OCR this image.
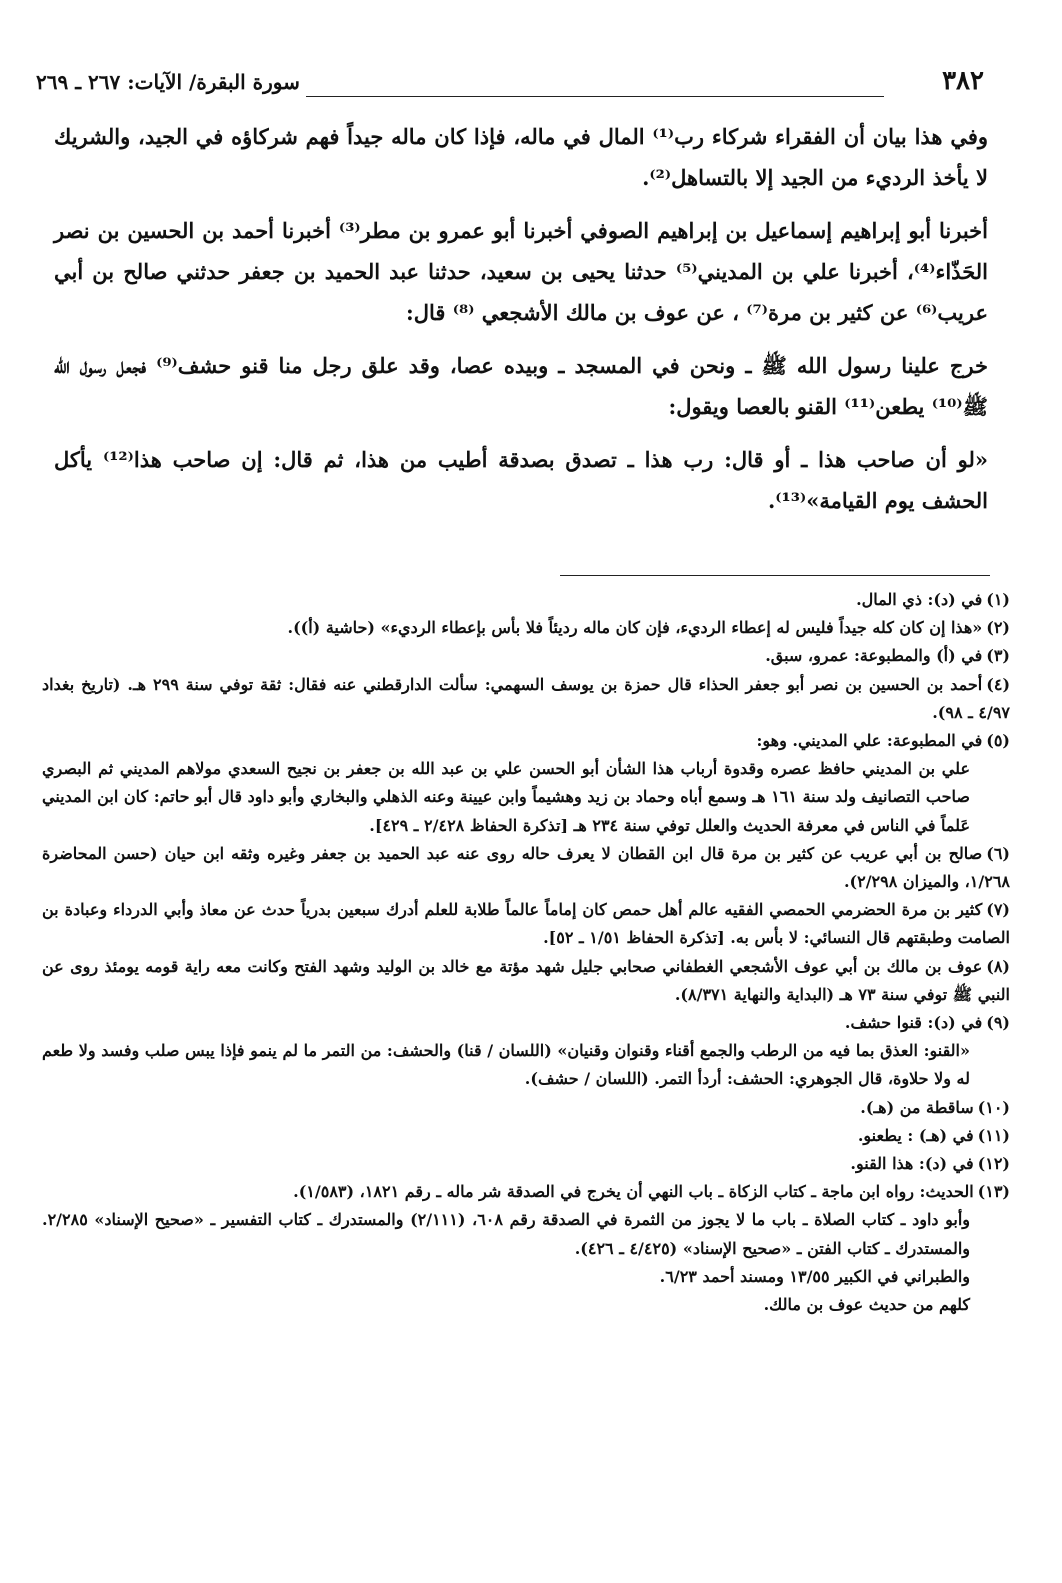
٣٨٢
سورة البقرة/ الآيات: ٢٦٧ ـ ٢٦٩

وفي هذا بيان أن الفقراء شركاء رب⁽¹⁾ المال في ماله، فإذا كان ماله جيداً فهم شركاؤه في الجيد، والشريك لا يأخذ الرديء من الجيد إلا بالتساهل⁽²⁾.

أخبرنا أبو إبراهيم إسماعيل بن إبراهيم الصوفي أخبرنا أبو عمرو بن مطر⁽³⁾ أخبرنا أحمد بن الحسين بن نصر الحَذّاء⁽⁴⁾، أخبرنا علي بن المديني⁽⁵⁾ حدثنا يحيى بن سعيد، حدثنا عبد الحميد بن جعفر حدثني صالح بن أبي عريب⁽⁶⁾ عن كثير بن مرة⁽⁷⁾ ، عن عوف بن مالك الأشجعي ⁽⁸⁾ قال:

خرج علينا رسول الله ﷺ ـ ونحن في المسجد ـ وبيده عصا، وقد علق رجل منا قنو حشف⁽⁹⁾ فجعل رسول الله ﷺ⁽¹⁰⁾ يطعن⁽¹¹⁾ القنو بالعصا ويقول:

«لو أن صاحب هذا ـ أو قال: رب هذا ـ تصدق بصدقة أطيب من هذا، ثم قال: إن صاحب هذا⁽¹²⁾ يأكل الحشف يوم القيامة»⁽¹³⁾.

(١)في (د): ذي المال.

(٢)«هذا إن كان كله جيداً فليس له إعطاء الرديء، فإن كان ماله رديئاً فلا بأس بإعطاء الرديء» (حاشية (أ)).

(٣)في (أ) والمطبوعة: عمرو، سبق.

(٤)أحمد بن الحسين بن نصر أبو جعفر الحذاء قال حمزة بن يوسف السهمي: سألت الدارقطني عنه فقال: ثقة توفي سنة ٢٩٩ هـ. (تاريخ بغداد ٤/٩٧ ـ ٩٨).

(٥)في المطبوعة: علي المديني. وهو:

علي بن المديني حافظ عصره وقدوة أرباب هذا الشأن أبو الحسن علي بن عبد الله بن جعفر بن نجيح السعدي مولاهم المديني ثم البصري صاحب التصانيف ولد سنة ١٦١ هـ وسمع أباه وحماد بن زيد وهشيماً وابن عيينة وعنه الذهلي والبخاري وأبو داود قال أبو حاتم: كان ابن المديني عَلماً في الناس في معرفة الحديث والعلل توفي سنة ٢٣٤ هـ [تذكرة الحفاظ ٢/٤٢٨ ـ ٤٢٩].

(٦)صالح بن أبي عريب عن كثير بن مرة قال ابن القطان لا يعرف حاله روى عنه عبد الحميد بن جعفر وغيره وثقه ابن حيان (حسن المحاضرة ١/٢٦٨، والميزان ٢/٢٩٨).

(٧)كثير بن مرة الحضرمي الحمصي الفقيه عالم أهل حمص كان إماماً عالماً طلابة للعلم أدرك سبعين بدرياً حدث عن معاذ وأبي الدرداء وعبادة بن الصامت وطبقتهم قال النسائي: لا بأس به. [تذكرة الحفاظ ١/٥١ ـ ٥٢].

(٨)عوف بن مالك بن أبي عوف الأشجعي الغطفاني صحابي جليل شهد مؤتة مع خالد بن الوليد وشهد الفتح وكانت معه راية قومه يومئذ روى عن النبي ﷺ توفي سنة ٧٣ هـ (البداية والنهاية ٨/٣٧١).

(٩)في (د): قنوا حشف.

«القنو: العذق بما فيه من الرطب والجمع أقناء وقنوان وقنيان» (اللسان / قنا) والحشف: من التمر ما لم ينمو فإذا يبس صلب وفسد ولا طعم له ولا حلاوة، قال الجوهري: الحشف: أردأ التمر. (اللسان / حشف).

(١٠)ساقطة من (هـ).

(١١)في (هـ) : يطعنو.

(١٢)في (د): هذا القنو.

(١٣)الحديث: رواه ابن ماجة ـ كتاب الزكاة ـ باب النهي أن يخرج في الصدقة شر ماله ـ رقم ١٨٢١، (١/٥٨٣).

وأبو داود ـ كتاب الصلاة ـ باب ما لا يجوز من الثمرة في الصدقة رقم ٦٠٨، (٢/١١١) والمستدرك ـ كتاب التفسير ـ «صحيح الإسناد» ٢/٢٨٥. والمستدرك ـ كتاب الفتن ـ «صحيح الإسناد» (٤/٤٢٥ ـ ٤٢٦).

والطبراني في الكبير ١٣/٥٥ ومسند أحمد ٦/٢٣.

كلهم من حديث عوف بن مالك.
